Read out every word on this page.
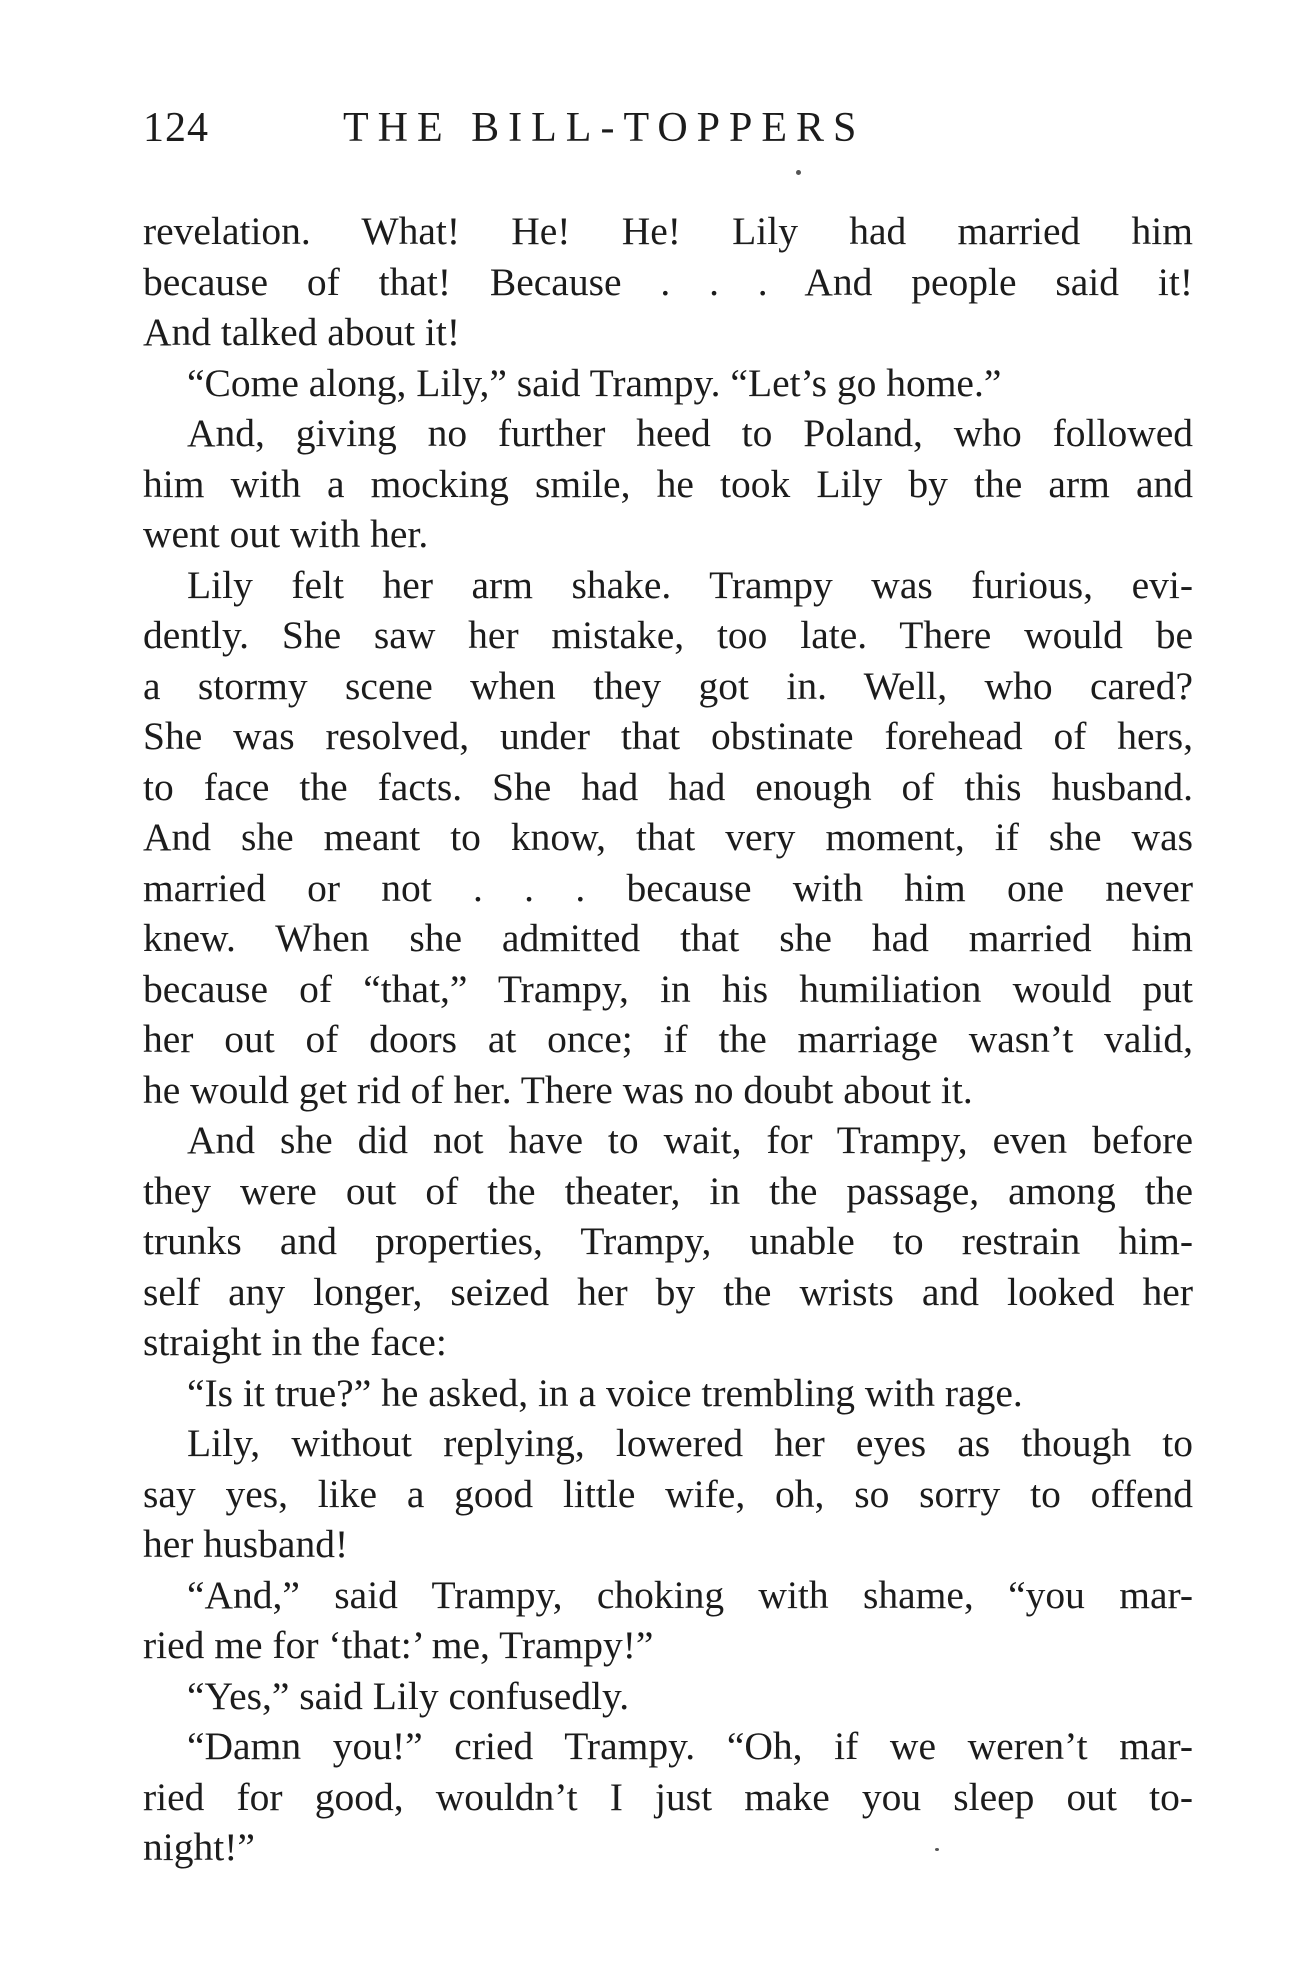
124	THE BILL-TOPPERS
revelation. What! He! He! Lily had married him
because of that! Because . . . And people said it!
And talked about it!
“Come along, Lily,” said Trampy. “Let’s go home.”
And, giving no further heed to Poland, who followed
him with a mocking smile, he took Lily by the arm and
went out with her.
Lily felt her arm shake. Trampy was furious, evi-
dently. She saw her mistake, too late. There would be
a stormy scene when they got in. Well, who cared?
She was resolved, under that obstinate forehead of hers,
to face the facts. She had had enough of this husband.
And she meant to know, that very moment, if she was
married or not . . . because with him one never
knew. When she admitted that she had married him
because of “that,” Trampy, in his humiliation would put
her out of doors at once; if the marriage wasn’t valid,
he would get rid of her. There was no doubt about it.
And she did not have to wait, for Trampy, even before
they were out of the theater, in the passage, among the
trunks and properties, Trampy, unable to restrain him-
self any longer, seized her by the wrists and looked her
straight in the face:
“Is it true?” he asked, in a voice trembling with rage.
Lily, without replying, lowered her eyes as though to
say yes, like a good little wife, oh, so sorry to offend
her husband!
“And,” said Trampy, choking with shame, “you mar-
ried me for ‘that:’ me, Trampy!”
“Yes,” said Lily confusedly.
“Damn you!” cried Trampy. “Oh, if we weren’t mar-
ried for good, wouldn’t I just make you sleep out to-
night!”
